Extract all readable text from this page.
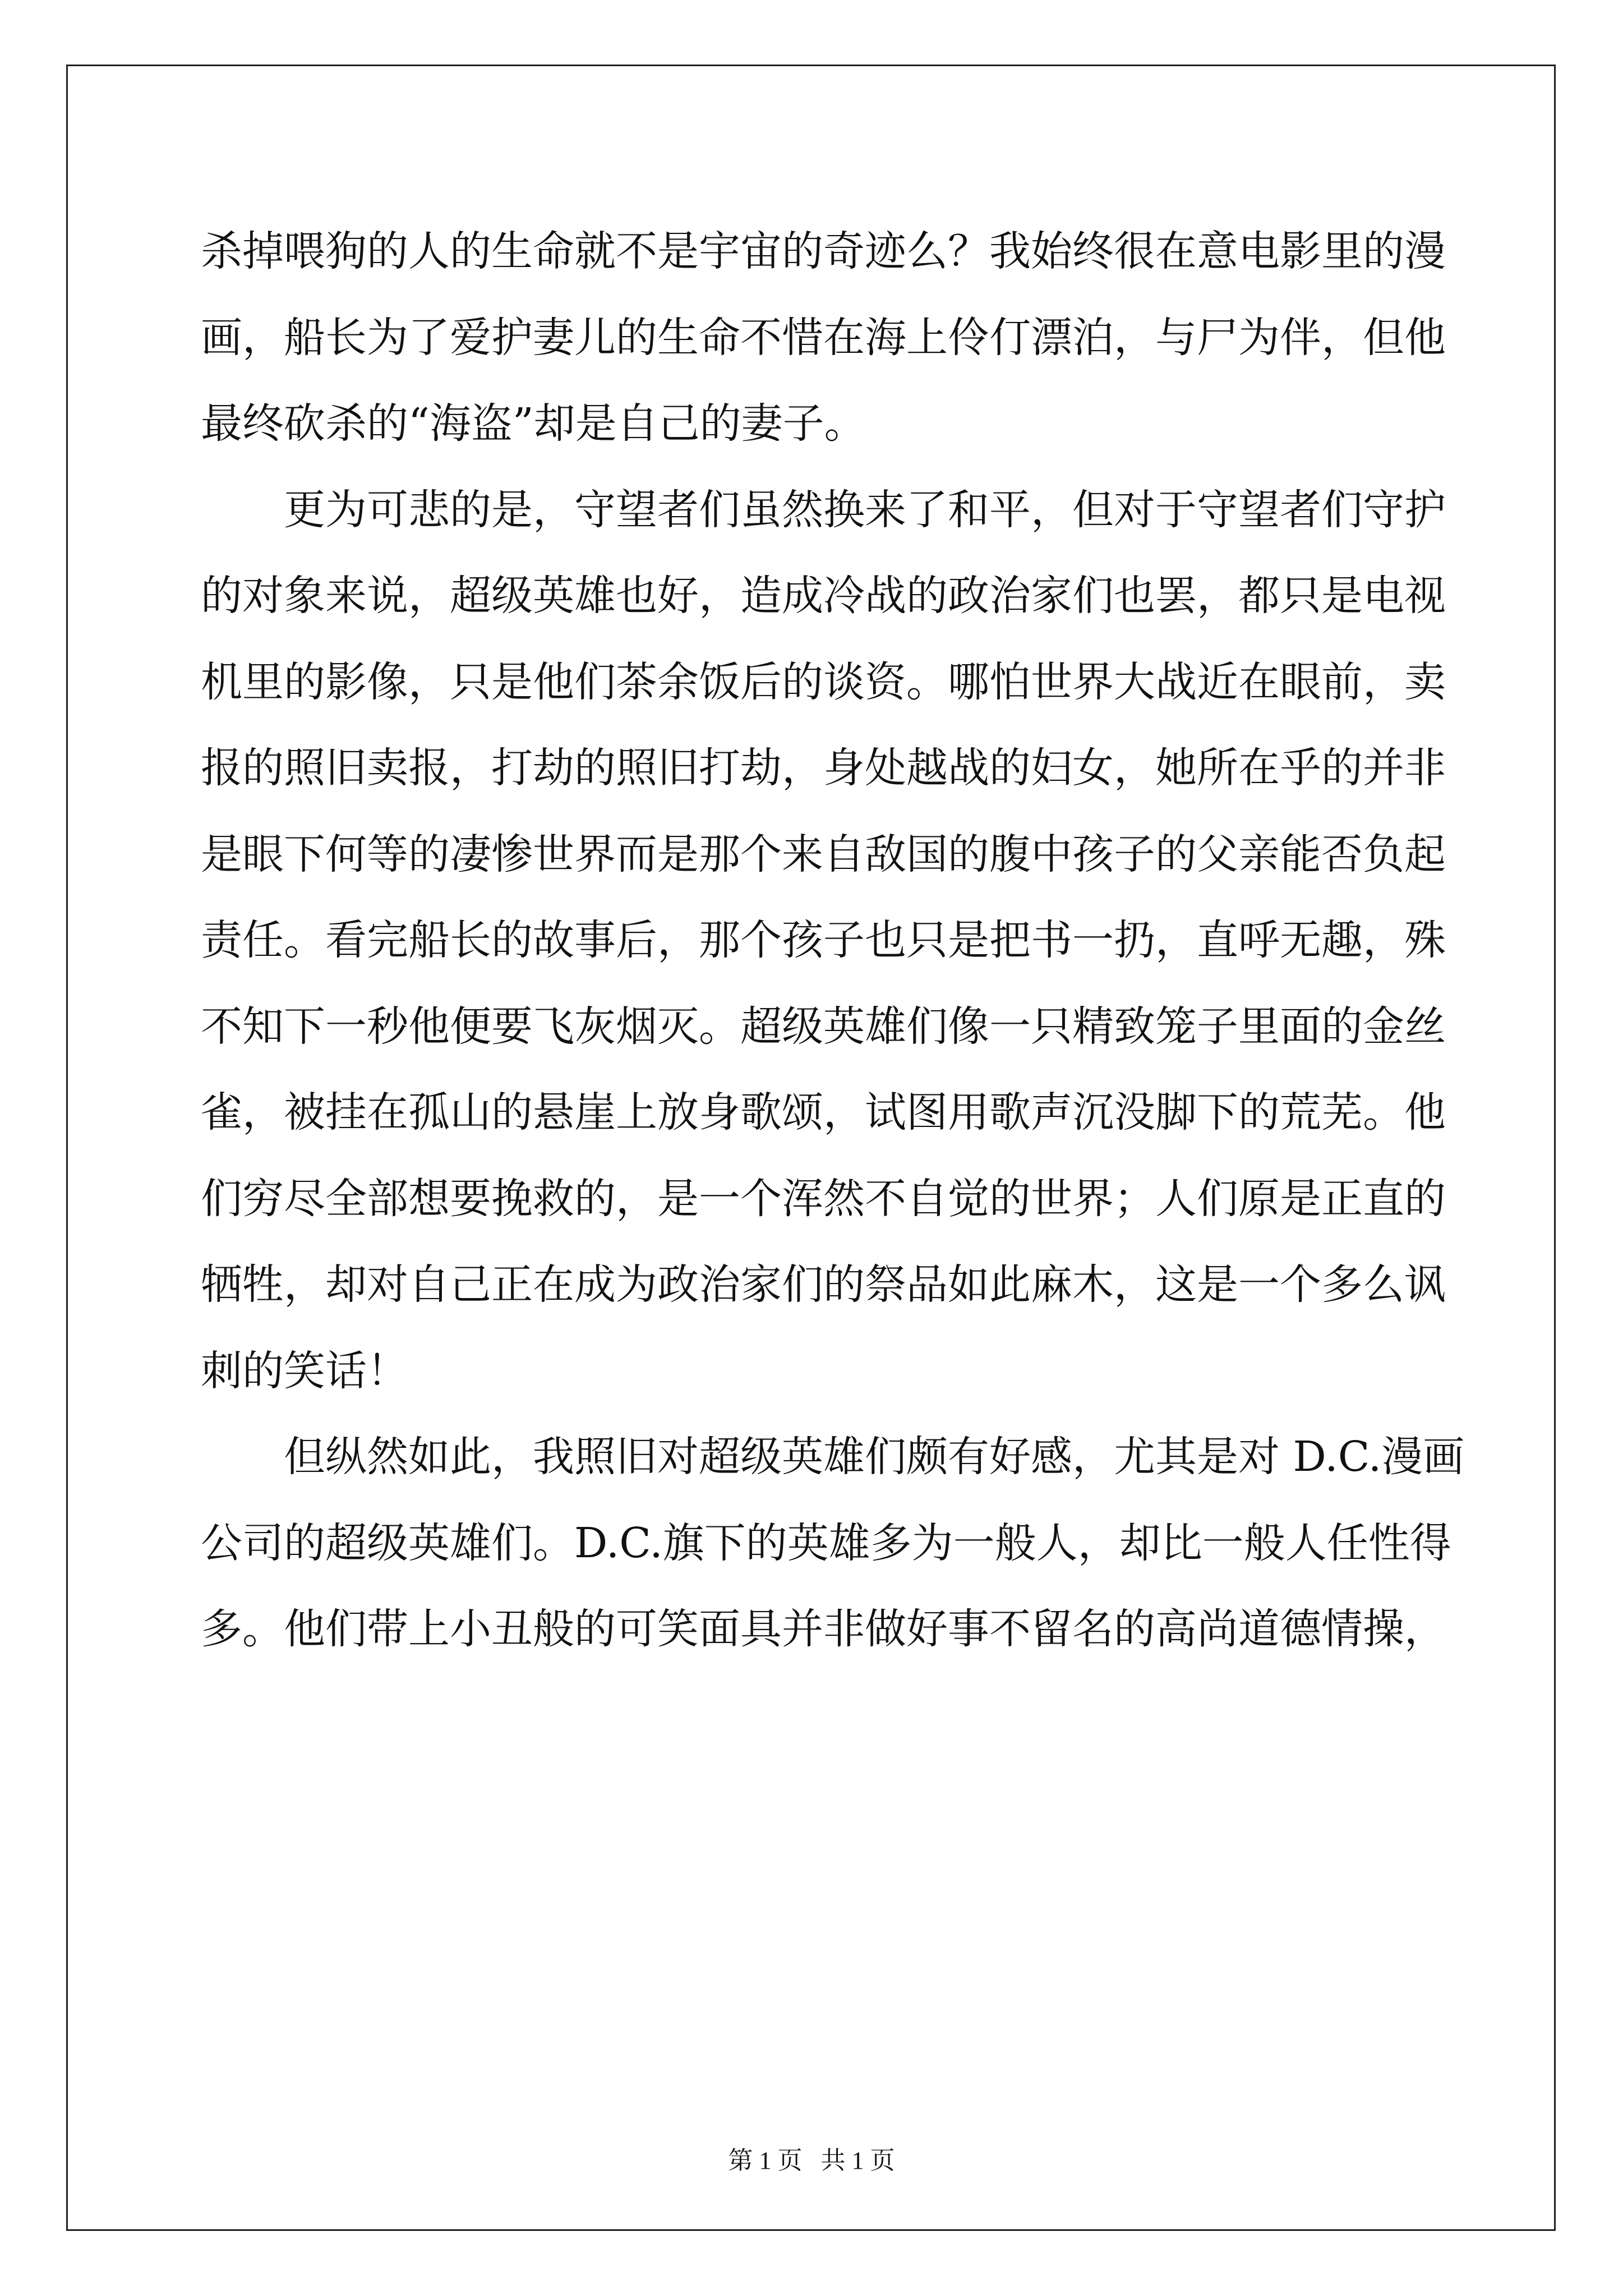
杀掉喂狗的人的生命就不是宇宙的奇迹么？我始终很在意电影里的漫
画，船长为了爱护妻儿的生命不惜在海上伶仃漂泊，与尸为伴，但他
最终砍杀的“海盗”却是自己的妻子。
更为可悲的是，守望者们虽然换来了和平，但对于守望者们守护
的对象来说，超级英雄也好，造成冷战的政治家们也罢，都只是电视
机里的影像，只是他们茶余饭后的谈资。哪怕世界大战近在眼前，卖
报的照旧卖报，打劫的照旧打劫，身处越战的妇女，她所在乎的并非
是眼下何等的凄惨世界而是那个来自敌国的腹中孩子的父亲能否负起
责任。看完船长的故事后，那个孩子也只是把书一扔，直呼无趣，殊
不知下一秒他便要飞灰烟灭。超级英雄们像一只精致笼子里面的金丝
雀，被挂在孤山的悬崖上放身歌颂，试图用歌声沉没脚下的荒芜。他
们穷尽全部想要挽救的，是一个浑然不自觉的世界；人们原是正直的
牺牲，却对自己正在成为政治家们的祭品如此麻木，这是一个多么讽
刺的笑话！
但纵然如此，我照旧对超级英雄们颇有好感，尤其是对 D.C.漫画
公司的超级英雄们。D.C.旗下的英雄多为一般人，却比一般人任性得
多。他们带上小丑般的可笑面具并非做好事不留名的高尚道德情操，
第 1 页   共 1 页
